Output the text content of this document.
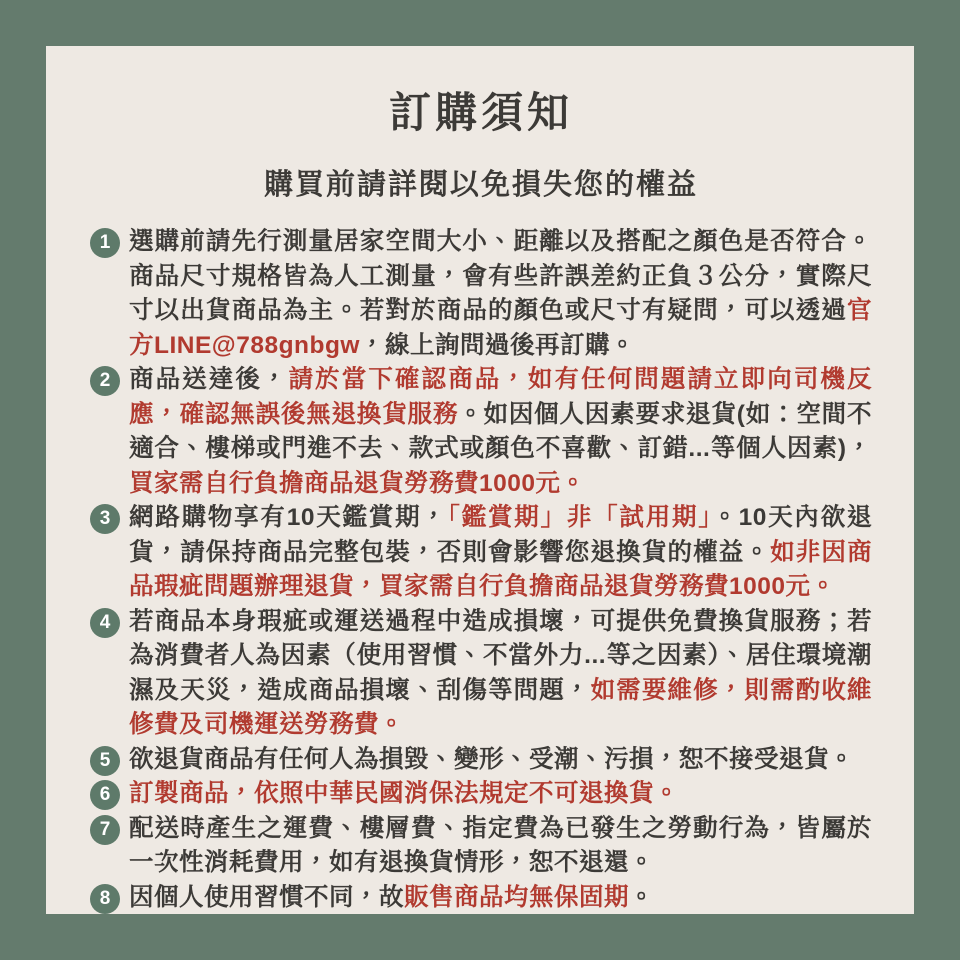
訂購須知
購買前請詳閱以免損失您的權益
1 選購前請先行測量居家空間大小、距離以及搭配之顏色是否符合。商品尺寸規格皆為人工測量，會有些許誤差約正負３公分，實際尺寸以出貨商品為主。若對於商品的顏色或尺寸有疑問，可以透過官方LINE@788gnbgw，線上詢問過後再訂購。

2 商品送達後，請於當下確認商品，如有任何問題請立即向司機反應，確認無誤後無退換貨服務。如因個人因素要求退貨(如：空間不適合、樓梯或門進不去、款式或顏色不喜歡、訂錯...等個人因素)，買家需自行負擔商品退貨勞務費1000元。

3 網路購物享有10天鑑賞期，「鑑賞期」非「試用期」。10天內欲退貨，請保持商品完整包裝，否則會影響您退換貨的權益。如非因商品瑕疵問題辦理退貨，買家需自行負擔商品退貨勞務費1000元。

4 若商品本身瑕疵或運送過程中造成損壞，可提供免費換貨服務；若為消費者人為因素（使用習慣、不當外力...等之因素）、居住環境潮濕及天災，造成商品損壞、刮傷等問題，如需要維修，則需酌收維修費及司機運送勞務費。

5 欲退貨商品有任何人為損毀、變形、受潮、污損，恕不接受退貨。

6 訂製商品，依照中華民國消保法規定不可退換貨。

7 配送時產生之運費、樓層費、指定費為已發生之勞動行為，皆屬於一次性消耗費用，如有退換貨情形，恕不退還。

8 因個人使用習慣不同，故販售商品均無保固期。
